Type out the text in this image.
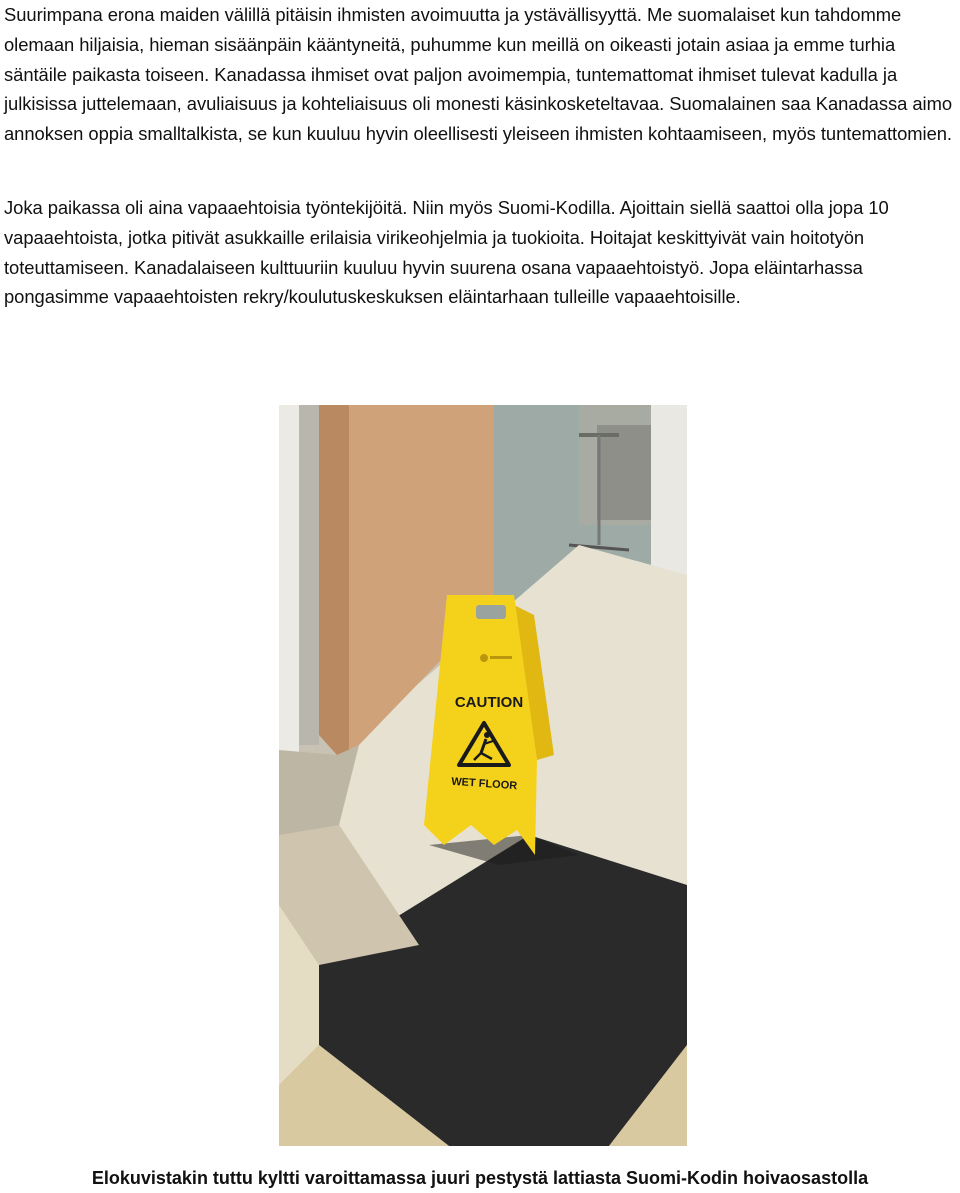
Suurimpana erona maiden välillä pitäisin ihmisten avoimuutta ja ystävällisyyttä. Me suomalaiset kun tahdomme olemaan hiljaisia, hieman sisäänpäin kääntyneitä, puhumme kun meillä on oikeasti jotain asiaa ja emme turhia säntäile paikasta toiseen. Kanadassa ihmiset ovat paljon avoimempia, tuntemattomat ihmiset tulevat kadulla ja julkisissa juttelemaan, avuliaisuus ja kohteliaisuus oli monesti käsinkosketeltavaa. Suomalainen saa Kanadassa aimo annoksen oppia smalltalkista, se kun kuuluu hyvin oleellisesti yleiseen ihmisten kohtaamiseen, myös tuntemattomien.

Joka paikassa oli aina vapaaehtoisia työntekijöitä. Niin myös Suomi-Kodilla. Ajoittain siellä saattoi olla jopa 10 vapaaehtoista, jotka pitivät asukkaille erilaisia virikeohjelmia ja tuokioita. Hoitajat keskittyivät vain hoitotyön toteuttamiseen. Kanadalaiseen kulttuuriin kuuluu hyvin suurena osana vapaaehtoistyö. Jopa eläintarhassa pongasimme vapaaehtoisten rekry/koulutuskeskuksen eläintarhaan tulleille vapaaehtoisille.

CAUTION
WET FLOOR

Elokuvistakin tuttu kyltti varoittamassa juuri pestystä lattiasta Suomi-Kodin hoivaosastolla
